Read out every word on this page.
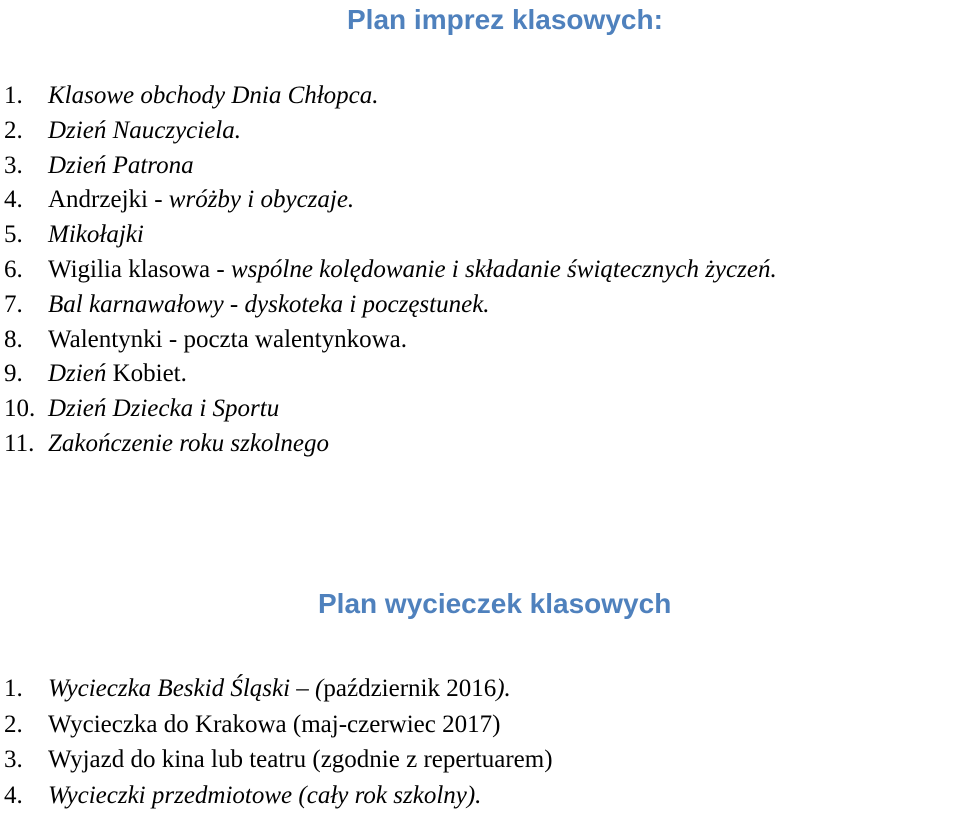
Plan imprez klasowych:
1.	Klasowe obchody Dnia Chłopca.
2.	Dzień Nauczyciela.
3.	Dzień Patrona
4.	Andrzejki - wróżby i obyczaje.
5.	Mikołajki
6.	Wigilia klasowa - wspólne kolędowanie i składanie świątecznych życzeń.
7.	Bal karnawałowy - dyskoteka i poczęstunek.
8.	Walentynki - poczta walentynkowa.
9.	Dzień Kobiet.
10. Dzień Dziecka i Sportu
11. Zakończenie roku szkolnego
Plan wycieczek klasowych
1.	Wycieczka Beskid Śląski – (październik 2016).
2.	Wycieczka do Krakowa (maj-czerwiec 2017)
3.	Wyjazd do kina lub teatru (zgodnie z repertuarem)
4.	Wycieczki przedmiotowe (cały rok szkolny).
